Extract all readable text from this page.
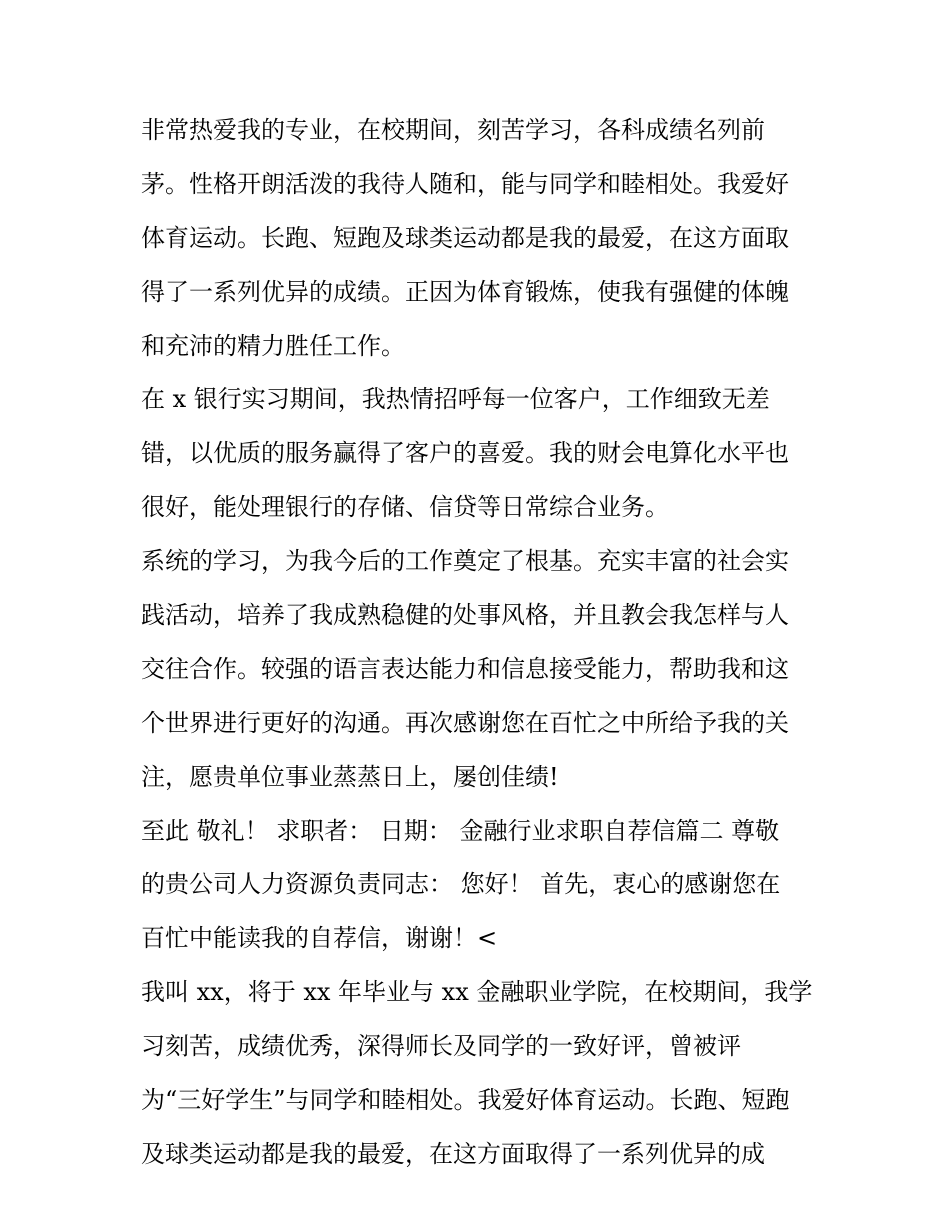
非常热爱我的专业，在校期间，刻苦学习，各科成绩名列前
茅。性格开朗活泼的我待人随和，能与同学和睦相处。我爱好
体育运动。长跑、短跑及球类运动都是我的最爱，在这方面取
得了一系列优异的成绩。正因为体育锻炼，使我有强健的体魄
和充沛的精力胜任工作。
在 x 银行实习期间，我热情招呼每一位客户，工作细致无差
错，以优质的服务赢得了客户的喜爱。我的财会电算化水平也
很好，能处理银行的存储、信贷等日常综合业务。
系统的学习，为我今后的工作奠定了根基。充实丰富的社会实
践活动，培养了我成熟稳健的处事风格，并且教会我怎样与人
交往合作。较强的语言表达能力和信息接受能力，帮助我和这
个世界进行更好的沟通。再次感谢您在百忙之中所给予我的关
注，愿贵单位事业蒸蒸日上，屡创佳绩!
至此 敬礼！ 求职者： 日期： 金融行业求职自荐信篇二 尊敬
的贵公司人力资源负责同志： 您好！ 首先，衷心的感谢您在
百忙中能读我的自荐信，谢谢！<
我叫 xx，将于 xx 年毕业与 xx 金融职业学院，在校期间，我学
习刻苦，成绩优秀，深得师长及同学的一致好评，曾被评
为“三好学生”与同学和睦相处。我爱好体育运动。长跑、短跑
及球类运动都是我的最爱，在这方面取得了一系列优异的成
